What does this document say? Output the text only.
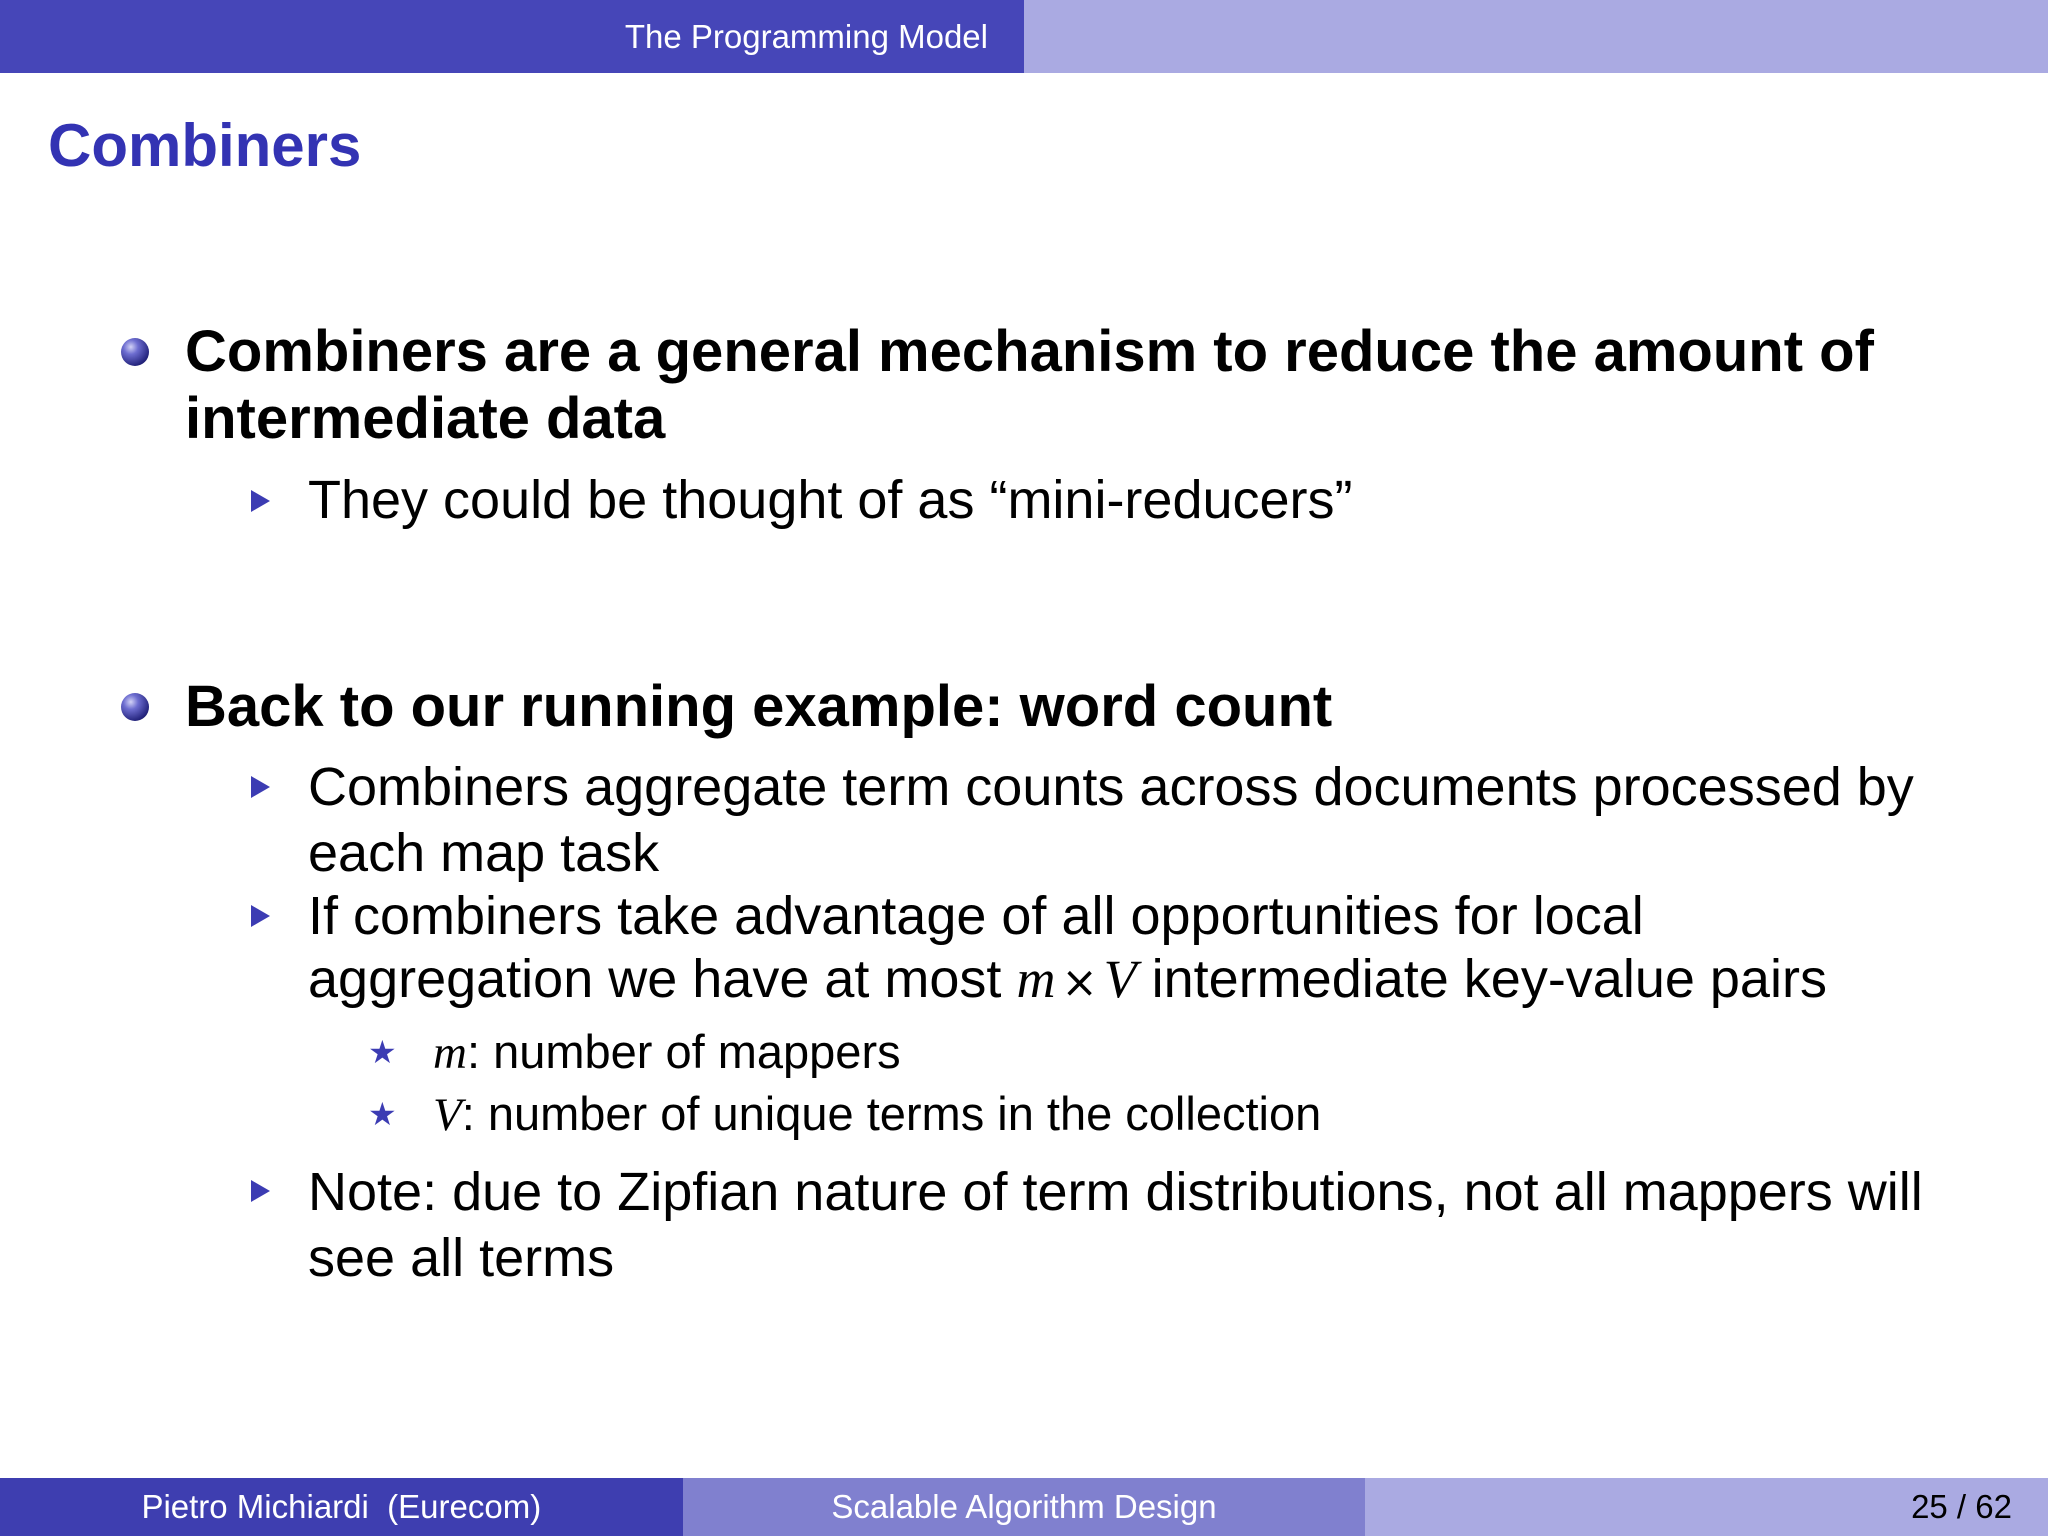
The Programming Model
Combiners

Combiners are a general mechanism to reduce the amount of

intermediate data

They could be thought of as “mini-reducers”

Back to our running example: word count

Combiners aggregate term counts across documents processed by

each map task

If combiners take advantage of all opportunities for local

aggregation we have at most m × V intermediate key-value pairs

★ m: number of mappers

★ V: number of unique terms in the collection

Note: due to Zipfian nature of term distributions, not all mappers will

see all terms

Pietro Michiardi  (Eurecom)	Scalable Algorithm Design	25 / 62
